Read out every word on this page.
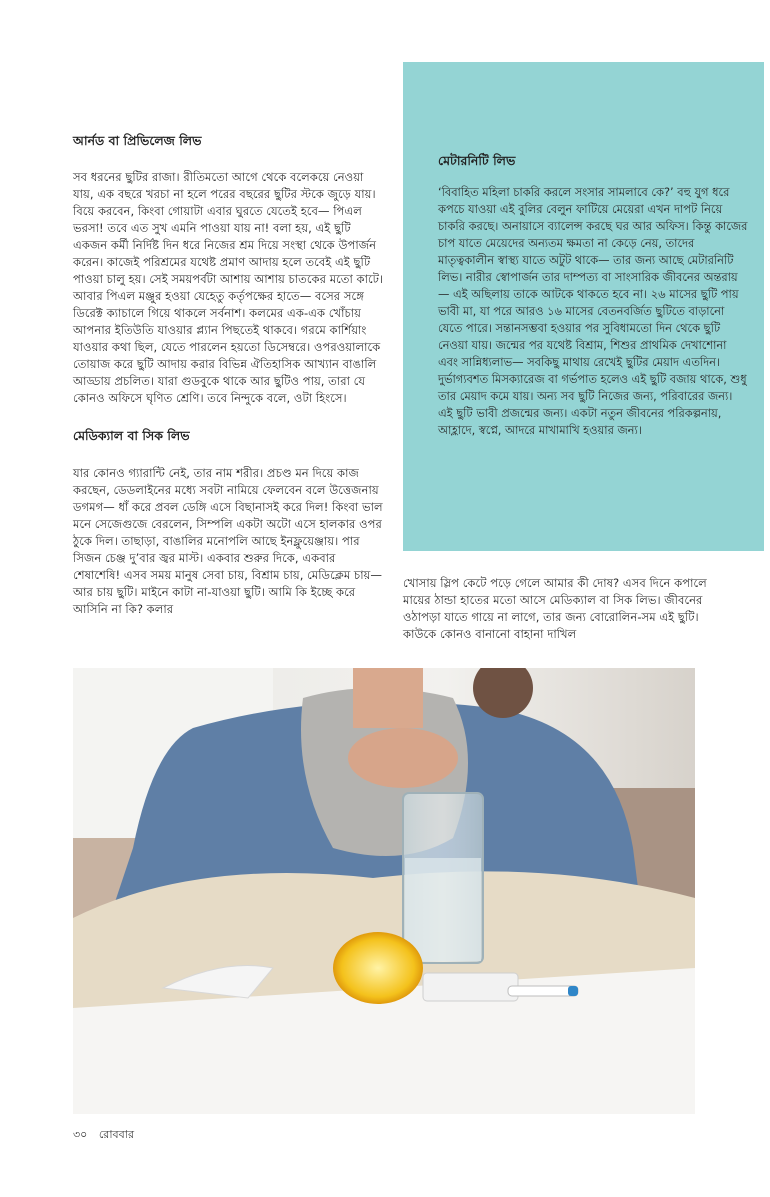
আর্নড বা প্রিভিলেজ লিভ

সব ধরনের ছুটির রাজা। রীতিমতো আগে থেকে বলেকয়ে নেওয়া যায়, এক বছরে খরচা না হলে পরের বছরের ছুটির স্টকে জুড়ে যায়। বিয়ে করবেন, কিংবা গোয়াটা এবার ঘুরতে যেতেই হবে— পিএল ভরসা! তবে এত সুখ এমনি পাওয়া যায় না! বলা হয়, এই ছুটি একজন কর্মী নির্দিষ্ট দিন ধরে নিজের শ্রম দিয়ে সংস্থা থেকে উপার্জন করেন। কাজেই পরিশ্রমের যথেষ্ট প্রমাণ আদায় হলে তবেই এই ছুটি পাওয়া চালু হয়। সেই সময়পর্বটা আশায় আশায় চাতকের মতো কাটে। আবার পিএল মঞ্জুর হওয়া যেহেতু কর্তৃপক্ষের হাতে— বসের সঙ্গে ডিরেক্ট ক্যাচালে গিয়ে থাকলে সর্বনাশ। কলমের এক-এক খোঁচায় আপনার ইতিউতি যাওয়ার প্ল্যান পিছতেই থাকবে। গরমে কার্শিয়াং যাওয়ার কথা ছিল, যেতে পারলেন হয়তো ডিসেম্বরে। ওপরওয়ালাকে তোয়াজ করে ছুটি আদায় করার বিভিন্ন ঐতিহাসিক আখ্যান বাঙালি আড্ডায় প্রচলিত। যারা গুডবুকে থাকে আর ছুটিও পায়, তারা যে কোনও অফিসে ঘৃণিত শ্রেণি। তবে নিন্দুকে বলে, ওটা হিংসে।

মেডিক্যাল বা সিক লিভ

যার কোনও গ্যারান্টি নেই, তার নাম শরীর। প্রচণ্ড মন দিয়ে কাজ করছেন, ডেডলাইনের মধ্যে সবটা নামিয়ে ফেলবেন বলে উত্তেজনায় ডগমগ— ধাঁ করে প্রবল ডেঙ্গি এসে বিছানাসই করে দিল! কিংবা ভাল মনে সেজেগুজে বেরলেন, সিম্পলি একটা অটো এসে হালকার ওপর ঠুকে দিল। তাছাড়া, বাঙালির মনোপলি আছে ইনফ্লুয়েঞ্জায়। পার সিজন চেঞ্জ দু’বার জ্বর মাস্ট। একবার শুরুর দিকে, একবার শেষাশেষি! এসব সময় মানুষ সেবা চায়, বিশ্রাম চায়, মেডিক্লেম চায়— আর চায় ছুটি। মাইনে কাটা না-যাওয়া ছুটি। আমি কি ইচ্ছে করে আসিনি না কি? কলার

মেটারনিটি লিভ

‘বিবাহিত মহিলা চাকরি করলে সংসার সামলাবে কে?’ বহু যুগ ধরে কপচে যাওয়া এই বুলির বেলুন ফাটিয়ে মেয়েরা এখন দাপট নিয়ে চাকরি করছে। অনায়াসে ব্যালেন্স করছে ঘর আর অফিস। কিন্তু কাজের চাপ যাতে মেয়েদের অন্যতম ক্ষমতা না কেড়ে নেয়, তাদের মাতৃত্বকালীন স্বাস্থ্য যাতে অটুট থাকে— তার জন্য আছে মেটারনিটি লিভ। নারীর স্বোপার্জন তার দাম্পত্য বা সাংসারিক জীবনের অন্তরায়— এই অছিলায় তাকে আটকে থাকতে হবে না। ২৬ মাসের ছুটি পায় ভাবী মা, যা পরে আরও ১৬ মাসের বেতনবর্জিত ছুটিতে বাড়ানো যেতে পারে। সন্তানসম্ভবা হওয়ার পর সুবিধামতো দিন থেকে ছুটি নেওয়া যায়। জন্মের পর যথেষ্ট বিশ্রাম, শিশুর প্রাথমিক দেখাশোনা এবং সান্নিধ্যলাভ— সবকিছু মাথায় রেখেই ছুটির মেয়াদ এতদিন। দুর্ভাগ্যবশত মিসক্যারেজ বা গর্ভপাত হলেও এই ছুটি বজায় থাকে, শুধু তার মেয়াদ কমে যায়। অন্য সব ছুটি নিজের জন্য, পরিবারের জন্য। এই ছুটি ভাবী প্রজন্মের জন্য। একটা নতুন জীবনের পরিকল্পনায়, আহ্লাদে, স্বপ্নে, আদরে মাখামাখি হওয়ার জন্য।

খোসায় স্লিপ কেটে পড়ে গেলে আমার কী দোষ? এসব দিনে কপালে মায়ের ঠান্ডা হাতের মতো আসে মেডিক্যাল বা সিক লিভ। জীবনের ওঠাপড়া যাতে গায়ে না লাগে, তার জন্য বোরোলিন-সম এই ছুটি। কাউকে কোনও বানানো বাহানা দাখিল

৩০ রোববার
